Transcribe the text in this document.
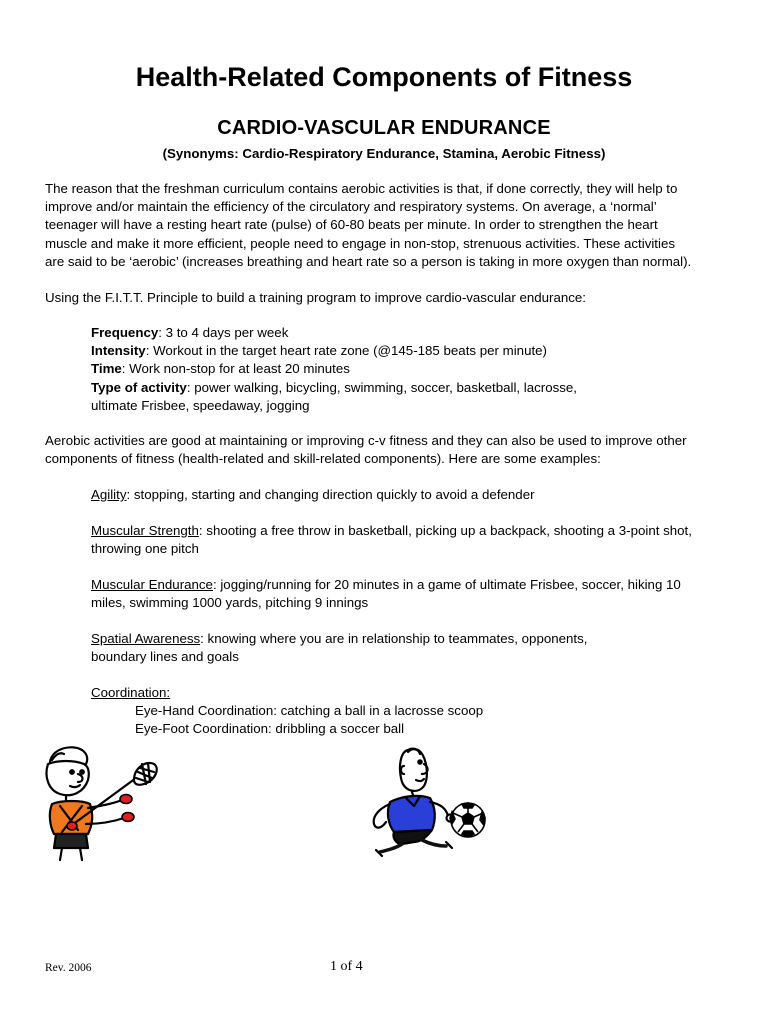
Health-Related Components of Fitness
CARDIO-VASCULAR ENDURANCE
(Synonyms: Cardio-Respiratory Endurance, Stamina, Aerobic Fitness)
The reason that the freshman curriculum contains aerobic activities is that, if done correctly, they will help to
improve and/or maintain the efficiency of the circulatory and respiratory systems. On average, a ‘normal’
teenager will have a resting heart rate (pulse) of 60-80 beats per minute. In order to strengthen the heart
muscle and make it more efficient, people need to engage in non-stop, strenuous activities. These activities
are said to be ‘aerobic’ (increases breathing and heart rate so a person is taking in more oxygen than normal).
Using the F.I.T.T. Principle to build a training program to improve cardio-vascular endurance:
Frequency: 3 to 4 days per week
Intensity: Workout in the target heart rate zone (@145-185 beats per minute)
Time: Work non-stop for at least 20 minutes
Type of activity: power walking, bicycling, swimming, soccer, basketball, lacrosse,
ultimate Frisbee, speedaway, jogging
Aerobic activities are good at maintaining or improving c-v fitness and they can also be used to improve other
components of fitness (health-related and skill-related components). Here are some examples:
Agility: stopping, starting and changing direction quickly to avoid a defender
Muscular Strength: shooting a free throw in basketball, picking up a backpack, shooting a 3-point shot,
throwing one pitch
Muscular Endurance: jogging/running for 20 minutes in a game of ultimate Frisbee, soccer, hiking 10
miles, swimming 1000 yards, pitching 9 innings
Spatial Awareness: knowing where you are in relationship to teammates, opponents,
boundary lines and goals
Coordination:
Eye-Hand Coordination: catching a ball in a lacrosse scoop
Eye-Foot Coordination: dribbling a soccer ball
Rev. 2006	1 of 4
